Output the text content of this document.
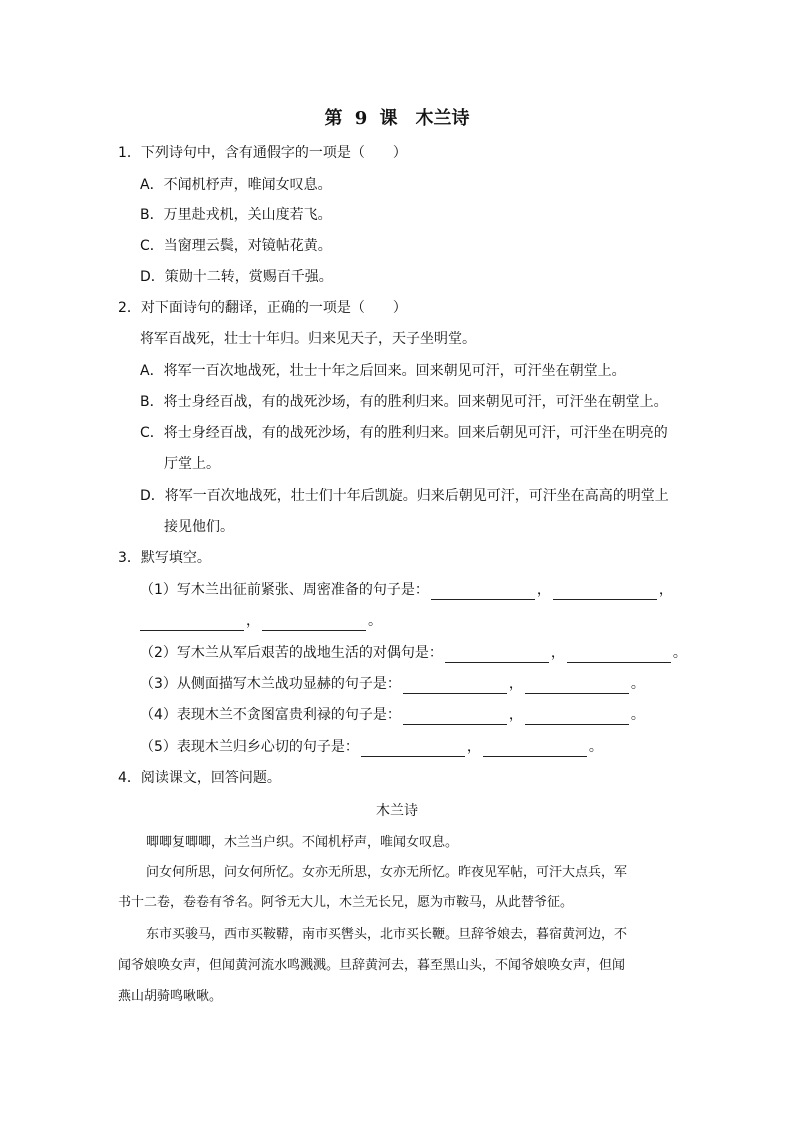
第 9 课　木兰诗
1．下列诗句中，含有通假字的一项是（　　）
A．不闻机杼声，唯闻女叹息。
B．万里赴戎机，关山度若飞。
C．当窗理云鬓，对镜帖花黄。
D．策勋十二转，赏赐百千强。
2．对下面诗句的翻译，正确的一项是（　　）
将军百战死，壮士十年归。归来见天子，天子坐明堂。
A．将军一百次地战死，壮士十年之后回来。回来朝见可汗，可汗坐在朝堂上。
B．将士身经百战，有的战死沙场，有的胜利归来。回来朝见可汗，可汗坐在朝堂上。
C．将士身经百战，有的战死沙场，有的胜利归来。回来后朝见可汗，可汗坐在明亮的
厅堂上。
D．将军一百次地战死，壮士们十年后凯旋。归来后朝见可汗，可汗坐在高高的明堂上
接见他们。
3．默写填空。
（1）写木兰出征前紧张、周密准备的句子是：	，	，
，	。
（2）写木兰从军后艰苦的战地生活的对偶句是：	，	。
（3）从侧面描写木兰战功显赫的句子是：	，	。
（4）表现木兰不贪图富贵利禄的句子是：	，	。
（5）表现木兰归乡心切的句子是：	，	。
4．阅读课文，回答问题。
木兰诗
唧唧复唧唧，木兰当户织。不闻机杼声，唯闻女叹息。
问女何所思，问女何所忆。女亦无所思，女亦无所忆。昨夜见军帖，可汗大点兵，军
书十二卷，卷卷有爷名。阿爷无大儿，木兰无长兄，愿为市鞍马，从此替爷征。
东市买骏马，西市买鞍鞯，南市买辔头，北市买长鞭。旦辞爷娘去，暮宿黄河边，不
闻爷娘唤女声，但闻黄河流水鸣溅溅。旦辞黄河去，暮至黑山头，不闻爷娘唤女声，但闻
燕山胡骑鸣啾啾。
